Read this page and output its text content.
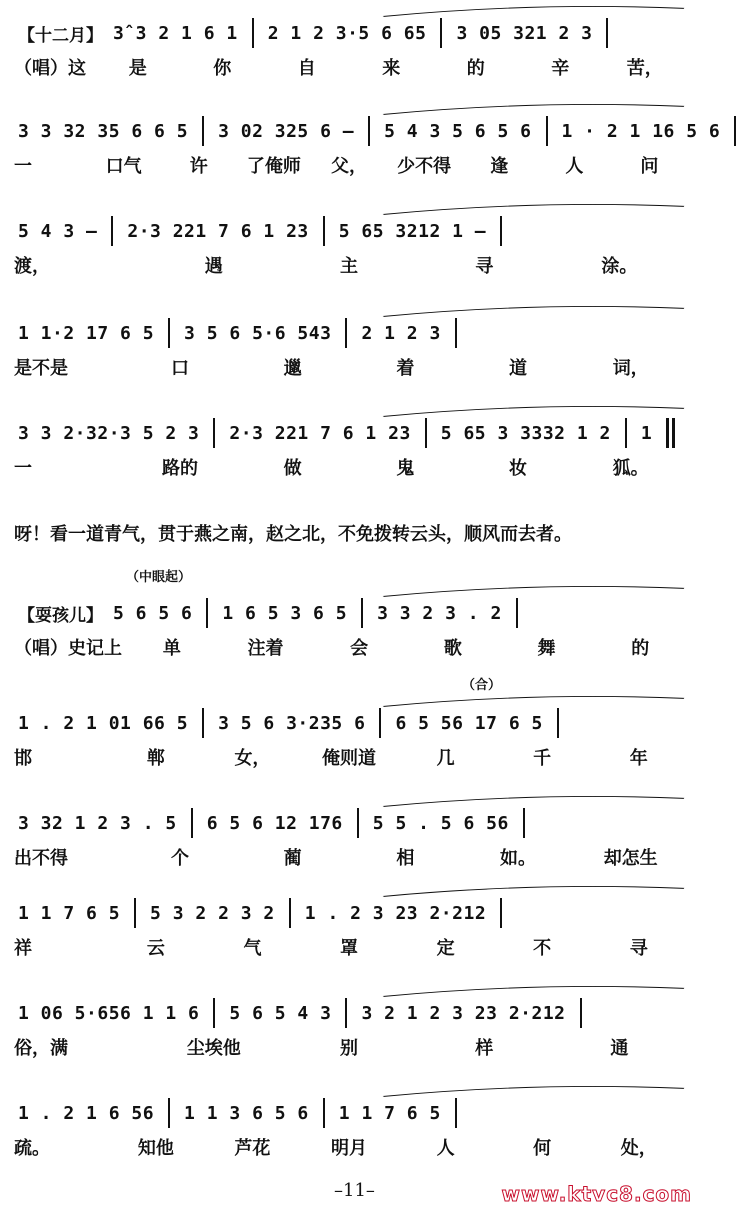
【十二月】 3̂ 3 2 1 6 1 2 1 2 3·5 6 65 3 05 321 2 3
（唱）这	是	你	自	来	的	辛	苦，
3 3 32 35 6 6 5 3 02 325 6 – 5 4 3 5 6 5 6 1 · 2 1 16 5 6
一	口气	许	了俺师	父，	少不得	逢	人	问
5 4 3 – 2·3 221 7 6 1 23 5 65 3212 1 –
渡，	遇	主	寻	涂。
1 1·2 17 6 5 3 5 6 5·6 543 2 1 2 3
是不是	口	邋	着	道	词，
3 3 2·32·3 5 2 3 2·3 221 7 6 1 23 5 65 3 3332 1 2 1
一	路的	做	鬼	妆	狐。
【耍孩儿】 5 6 5 6 1 6 5 3 6 5 3 3 2 3 . 2
（唱）史记上	单	注着	会	歌	舞	的
1 . 2 1 01 66 5 3 5 6 3·235 6 6 5 56 17 6 5
邯	郸	女，	俺则道	几	千	年
3 32 1 2 3 . 5 6 5 6 12 176 5 5 . 5 6 56
出不得	个	蔺	相	如。	却怎生
1 1 7 6 5 5 3 2 2 3 2 1 . 2 3 23 2·212
祥	云	气	罩	定	不	寻
1 06 5·656 1 1 6 5 6 5 4 3 3 2 1 2 3 23 2·212
俗，满	尘埃他	别	样	通
1 . 2 1 6 56 1 1 3 6 5 6 1 1 7 6 5
疏。	知他	芦花	明月	人	何	处，
（中眼起）
（合）
呀！看一道青气，贯于燕之南，赵之北，不免拨转云头，顺风而去者。
–11–	www.ktvc8.com
